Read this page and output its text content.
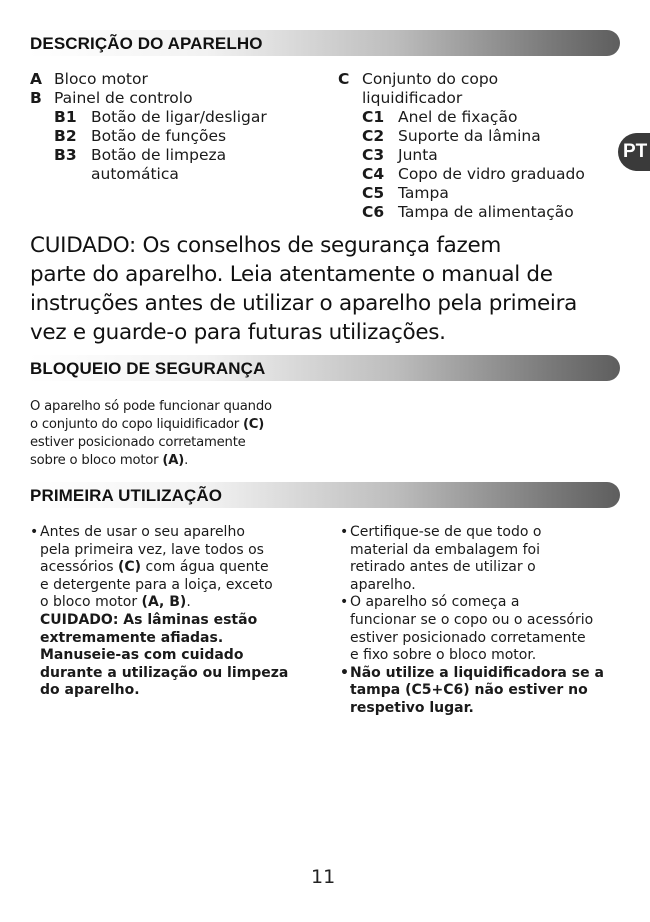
DESCRIÇÃO DO APARELHO
A Bloco motor
B Painel de controlo
B1 Botão de ligar/desligar
B2 Botão de funções
B3 Botão de limpeza
automática
C Conjunto do copo
liquidificador
C1 Anel de fixação
C2 Suporte da lâmina
C3 Junta
C4 Copo de vidro graduado
C5 Tampa
C6 Tampa de alimentação
PT
CUIDADO: Os conselhos de segurança fazem
parte do aparelho. Leia atentamente o manual de
instruções antes de utilizar o aparelho pela primeira
vez e guarde-o para futuras utilizações.
BLOQUEIO DE SEGURANÇA
O aparelho só pode funcionar quando
o conjunto do copo liquidificador (C)
estiver posicionado corretamente
sobre o bloco motor (A).
PRIMEIRA UTILIZAÇÃO
• Antes de usar o seu aparelho
pela primeira vez, lave todos os
acessórios (C) com água quente
e detergente para a loiça, exceto
o bloco motor (A, B).
CUIDADO: As lâminas estão
extremamente afiadas.
Manuseie-as com cuidado
durante a utilização ou limpeza
do aparelho.
• Certifique-se de que todo o
material da embalagem foi
retirado antes de utilizar o
aparelho.
• O aparelho só começa a
funcionar se o copo ou o acessório
estiver posicionado corretamente
e fixo sobre o bloco motor.
• Não utilize a liquidificadora se a
tampa (C5+C6) não estiver no
respetivo lugar.
11
